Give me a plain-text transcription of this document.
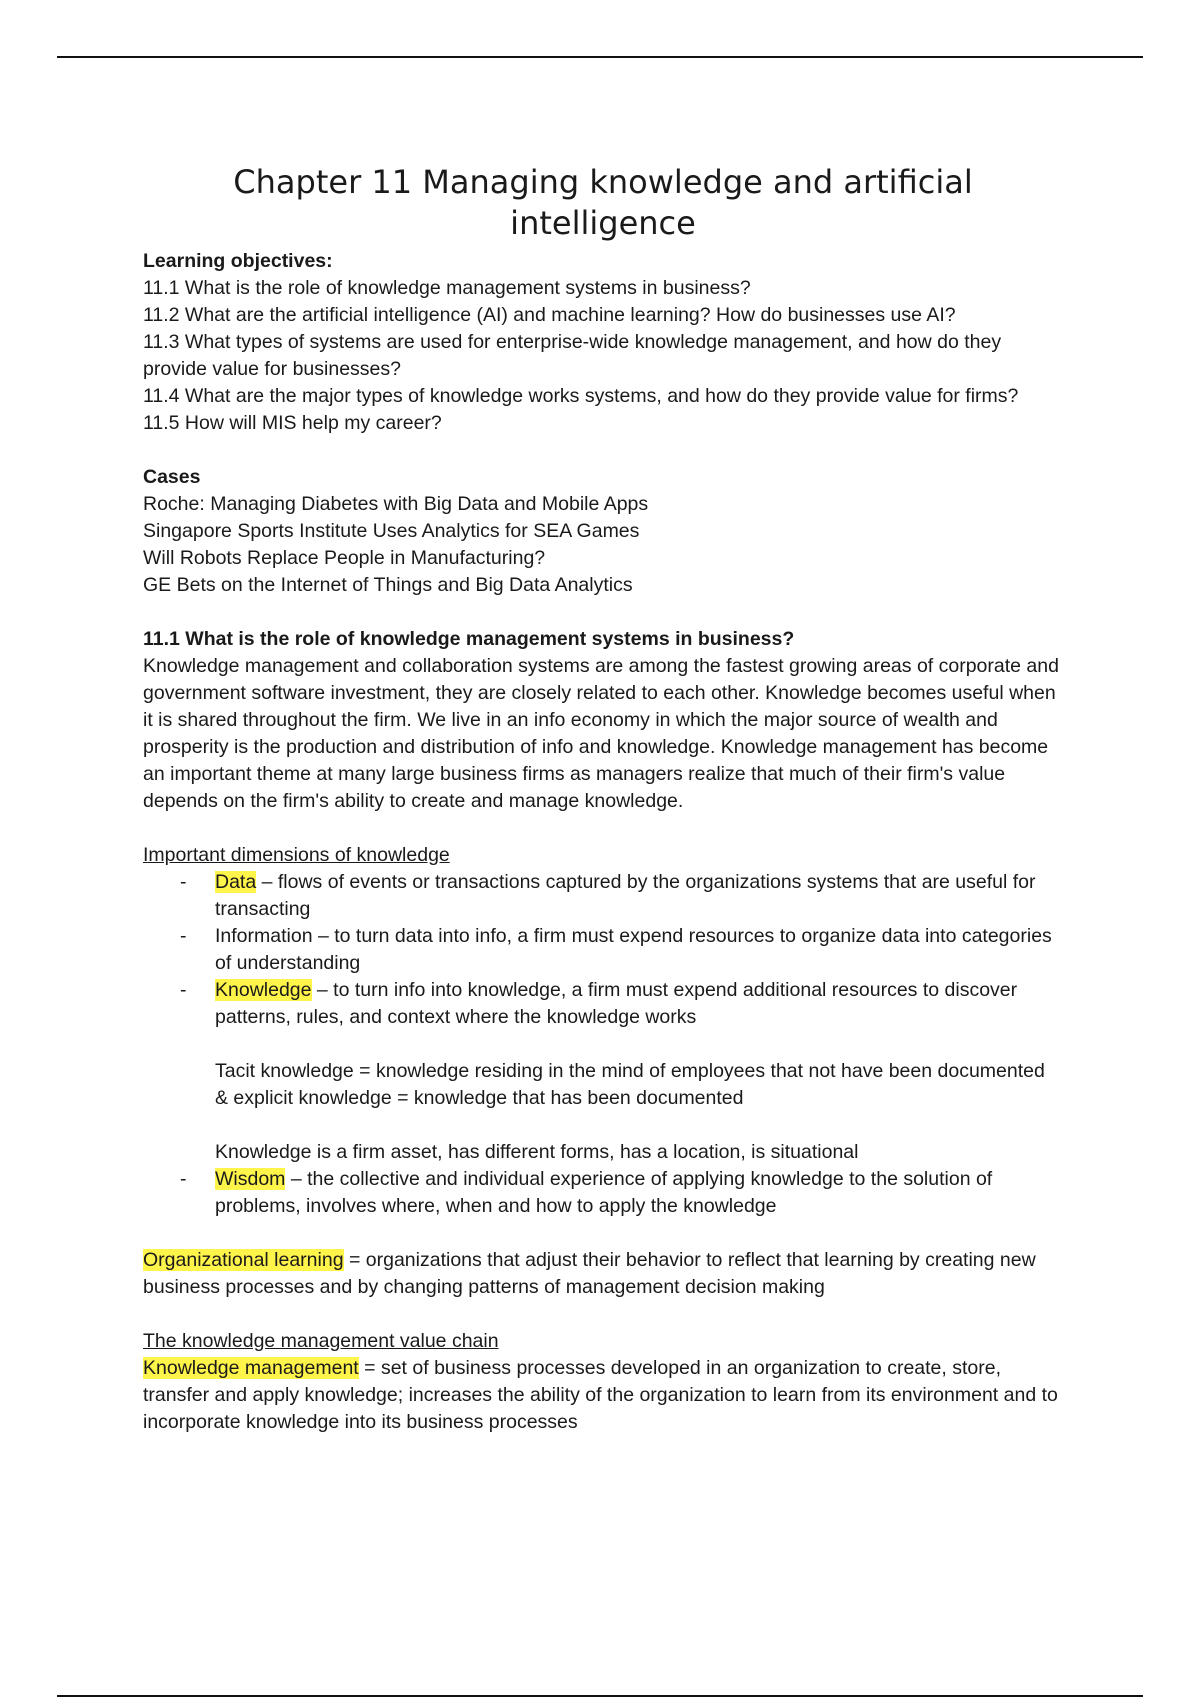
Chapter 11 Managing knowledge and artificial intelligence

Learning objectives:

11.1 What is the role of knowledge management systems in business?

11.2 What are the artificial intelligence (AI) and machine learning? How do businesses use AI?

11.3 What types of systems are used for enterprise-wide knowledge management, and how do they provide value for businesses?

11.4 What are the major types of knowledge works systems, and how do they provide value for firms?

11.5 How will MIS help my career?

Cases

Roche: Managing Diabetes with Big Data and Mobile Apps

Singapore Sports Institute Uses Analytics for SEA Games

Will Robots Replace People in Manufacturing?

GE Bets on the Internet of Things and Big Data Analytics

11.1 What is the role of knowledge management systems in business?

Knowledge management and collaboration systems are among the fastest growing areas of corporate and government software investment, they are closely related to each other. Knowledge becomes useful when it is shared throughout the firm. We live in an info economy in which the major source of wealth and prosperity is the production and distribution of info and knowledge. Knowledge management has become an important theme at many large business firms as managers realize that much of their firm's value depends on the firm's ability to create and manage knowledge.

Important dimensions of knowledge

- Data – flows of events or transactions captured by the organizations systems that are useful for transacting
- Information – to turn data into info, a firm must expend resources to organize data into categories of understanding
- Knowledge – to turn info into knowledge, a firm must expend additional resources to discover patterns, rules, and context where the knowledge works

Tacit knowledge = knowledge residing in the mind of employees that not have been documented & explicit knowledge = knowledge that has been documented

Knowledge is a firm asset, has different forms, has a location, is situational

- Wisdom – the collective and individual experience of applying knowledge to the solution of problems, involves where, when and how to apply the knowledge

Organizational learning = organizations that adjust their behavior to reflect that learning by creating new business processes and by changing patterns of management decision making

The knowledge management value chain

Knowledge management = set of business processes developed in an organization to create, store, transfer and apply knowledge; increases the ability of the organization to learn from its environment and to incorporate knowledge into its business processes
